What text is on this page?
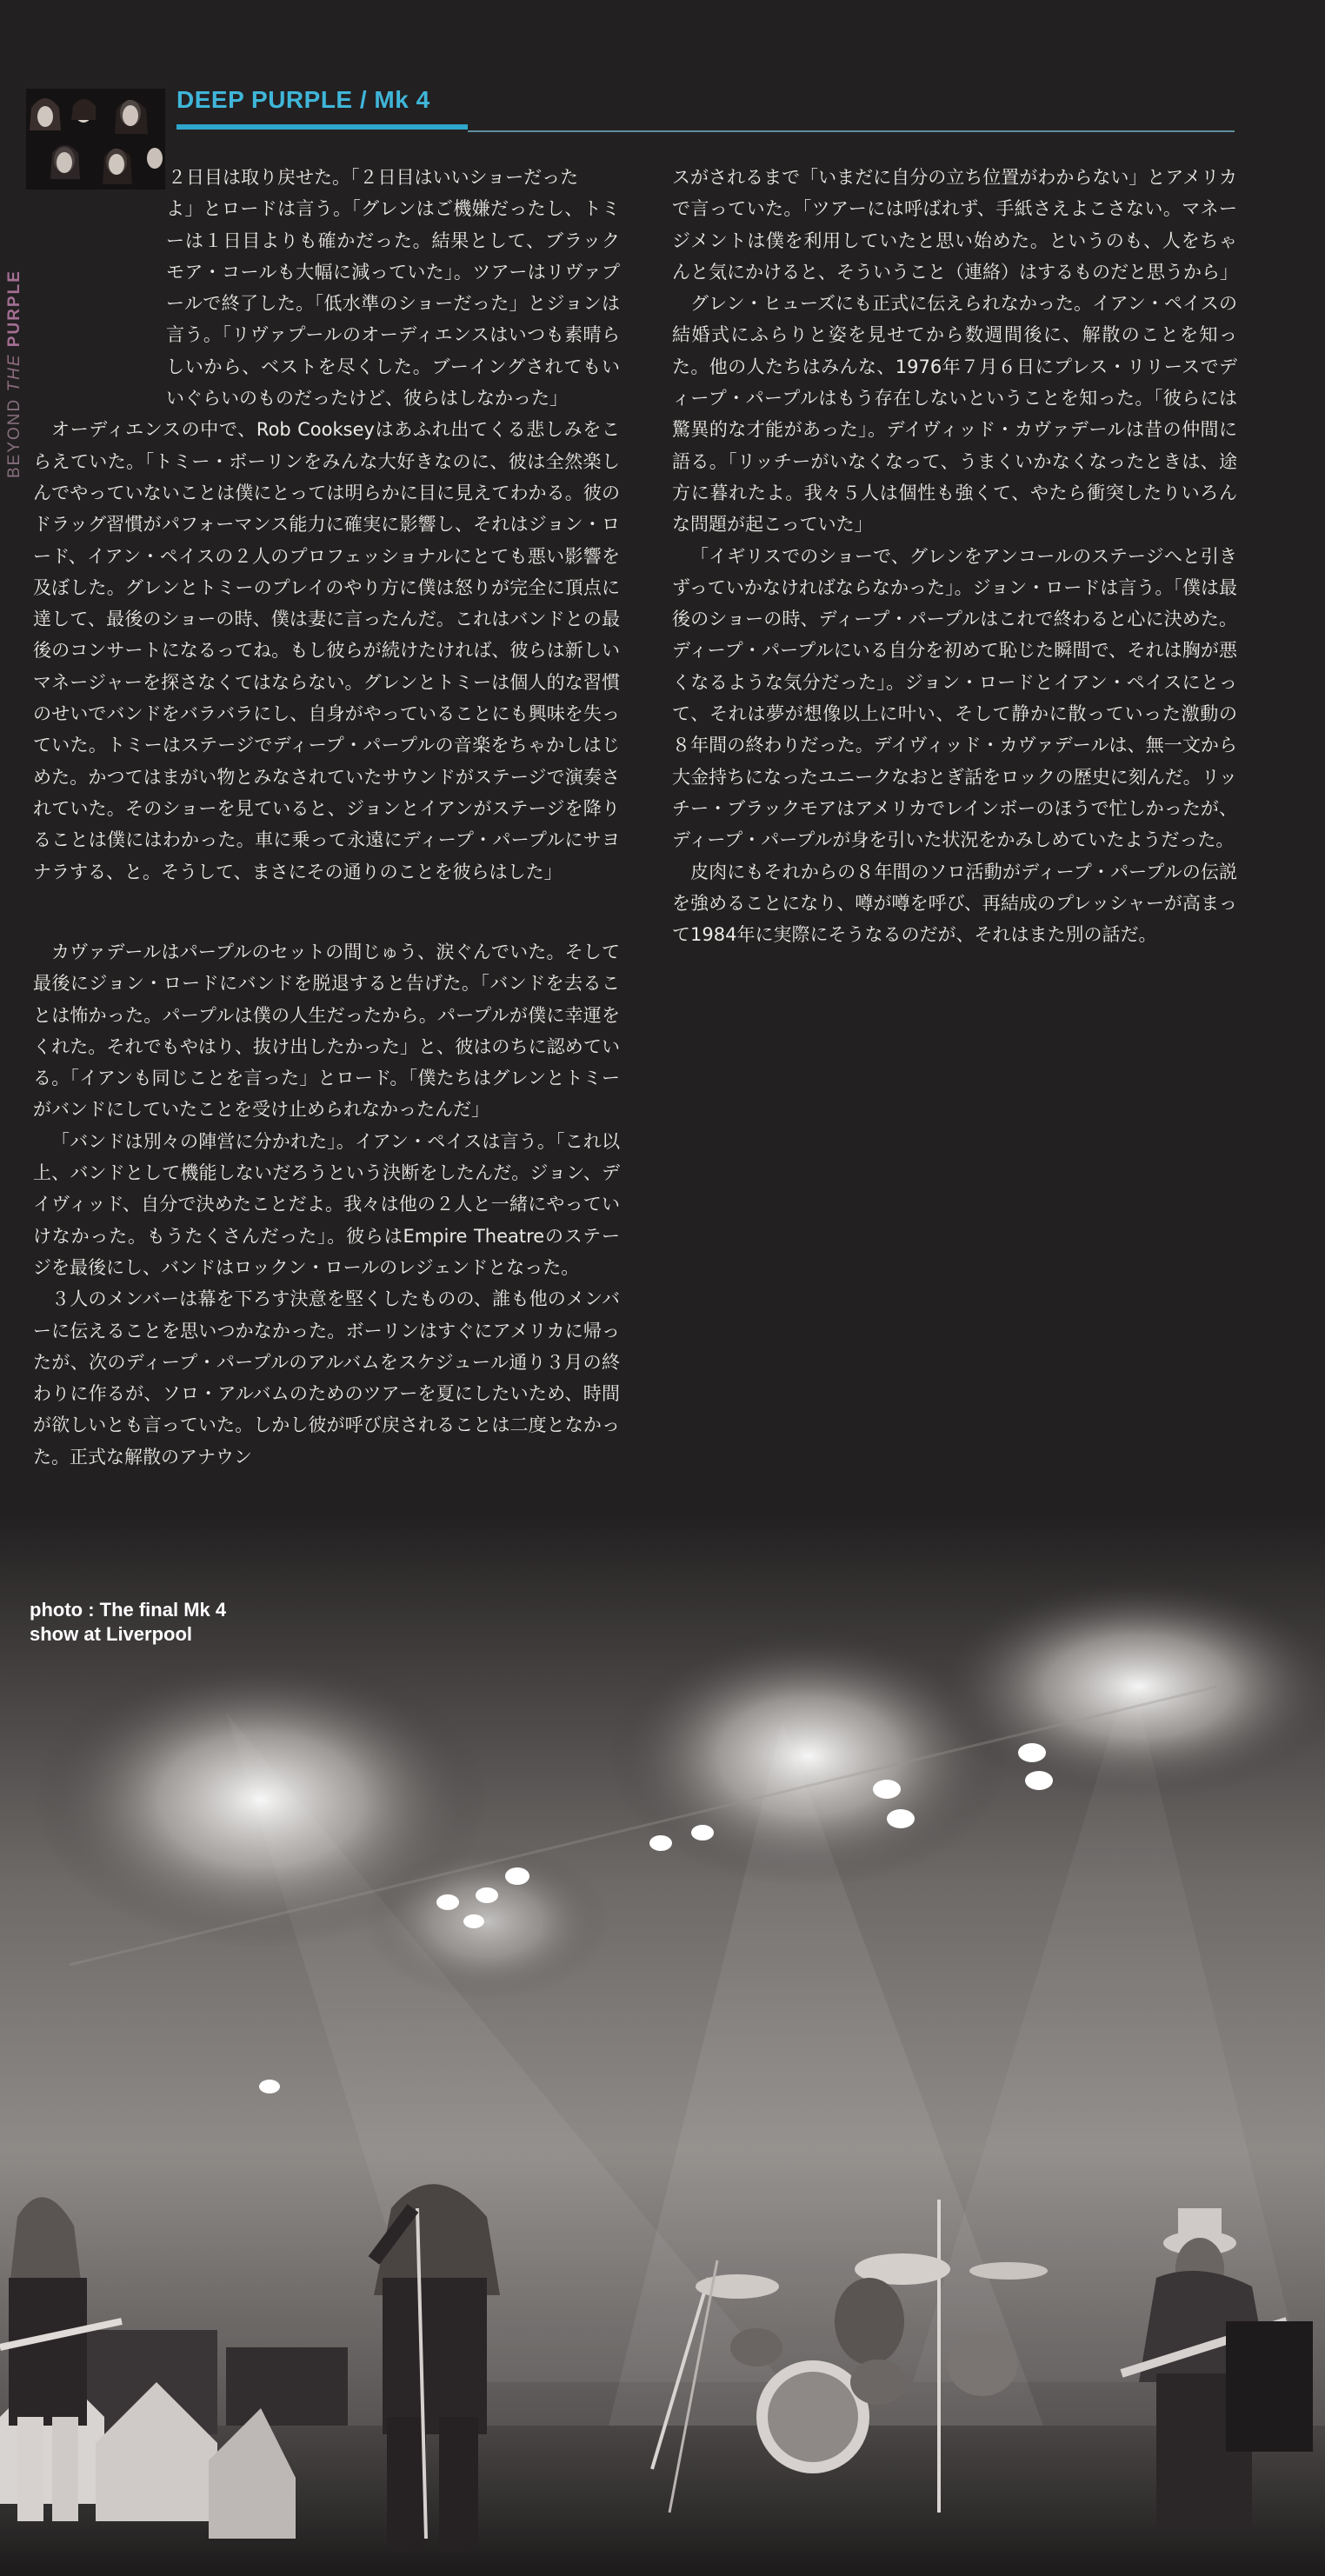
DEEP PURPLE / Mk 4
BEYOND THE PURPLE

２日目は取り戻せた。「２日目はいいショーだった

よ」とロードは言う。「グレンはご機嫌だったし、トミーは１日目よりも確かだった。結果として、ブラックモア・コールも大幅に減っていた」。ツアーはリヴァプールで終了した。「低水準のショーだった」とジョンは言う。「リヴァプールのオーディエンスはいつも素晴らしいから、ベストを尽くした。ブーイングされてもいいぐらいのものだったけど、彼らはしなかった」

オーディエンスの中で、Rob Cookseyはあふれ出てくる悲しみをこらえていた。「トミー・ボーリンをみんな大好きなのに、彼は全然楽しんでやっていないことは僕にとっては明らかに目に見えてわかる。彼のドラッグ習慣がパフォーマンス能力に確実に影響し、それはジョン・ロード、イアン・ペイスの２人のプロフェッショナルにとても悪い影響を及ぼした。グレンとトミーのプレイのやり方に僕は怒りが完全に頂点に達して、最後のショーの時、僕は妻に言ったんだ。これはバンドとの最後のコンサートになるってね。もし彼らが続けたければ、彼らは新しいマネージャーを探さなくてはならない。グレンとトミーは個人的な習慣のせいでバンドをバラバラにし、自身がやっていることにも興味を失っていた。トミーはステージでディープ・パープルの音楽をちゃかしはじめた。かつてはまがい物とみなされていたサウンドがステージで演奏されていた。そのショーを見ていると、ジョンとイアンがステージを降りることは僕にはわかった。車に乗って永遠にディープ・パープルにサヨナラする、と。そうして、まさにその通りのことを彼らはした」

スがされるまで「いまだに自分の立ち位置がわからない」とアメリカで言っていた。「ツアーには呼ばれず、手紙さえよこさない。マネージメントは僕を利用していたと思い始めた。というのも、人をちゃんと気にかけると、そういうこと（連絡）はするものだと思うから」

グレン・ヒューズにも正式に伝えられなかった。イアン・ペイスの結婚式にふらりと姿を見せてから数週間後に、解散のことを知った。他の人たちはみんな、1976年７月６日にプレス・リリースでディープ・パープルはもう存在しないということを知った。「彼らには驚異的な才能があった」。デイヴィッド・カヴァデールは昔の仲間に語る。「リッチーがいなくなって、うまくいかなくなったときは、途方に暮れたよ。我々５人は個性も強くて、やたら衝突したりいろんな問題が起こっていた」

「イギリスでのショーで、グレンをアンコールのステージへと引きずっていかなければならなかった」。ジョン・ロードは言う。「僕は最後のショーの時、ディープ・パープルはこれで終わると心に決めた。ディープ・パープルにいる自分を初めて恥じた瞬間で、それは胸が悪くなるような気分だった」。ジョン・ロードとイアン・ペイスにとって、それは夢が想像以上に叶い、そして静かに散っていった激動の８年間の終わりだった。デイヴィッド・カヴァデールは、無一文から大金持ちになったユニークなおとぎ話をロックの歴史に刻んだ。リッチー・ブラックモアはアメリカでレインボーのほうで忙しかったが、ディープ・パープルが身を引いた状況をかみしめていたようだった。

皮肉にもそれからの８年間のソロ活動がディープ・パープルの伝説を強めることになり、噂が噂を呼び、再結成のプレッシャーが高まって1984年に実際にそうなるのだが、それはまた別の話だ。

カヴァデールはパープルのセットの間じゅう、涙ぐんでいた。そして最後にジョン・ロードにバンドを脱退すると告げた。「バンドを去ることは怖かった。パープルは僕の人生だったから。パープルが僕に幸運をくれた。それでもやはり、抜け出したかった」と、彼はのちに認めている。「イアンも同じことを言った」とロード。「僕たちはグレンとトミーがバンドにしていたことを受け止められなかったんだ」

「バンドは別々の陣営に分かれた」。イアン・ペイスは言う。「これ以上、バンドとして機能しないだろうという決断をしたんだ。ジョン、デイヴィッド、自分で決めたことだよ。我々は他の２人と一緒にやっていけなかった。もうたくさんだった」。彼らはEmpire Theatreのステージを最後にし、バンドはロックン・ロールのレジェンドとなった。

３人のメンバーは幕を下ろす決意を堅くしたものの、誰も他のメンバーに伝えることを思いつかなかった。ボーリンはすぐにアメリカに帰ったが、次のディープ・パープルのアルバムをスケジュール通り３月の終わりに作るが、ソロ・アルバムのためのツアーを夏にしたいため、時間が欲しいとも言っていた。しかし彼が呼び戻されることは二度となかった。正式な解散のアナウン

photo : The final Mk 4
show at Liverpool
